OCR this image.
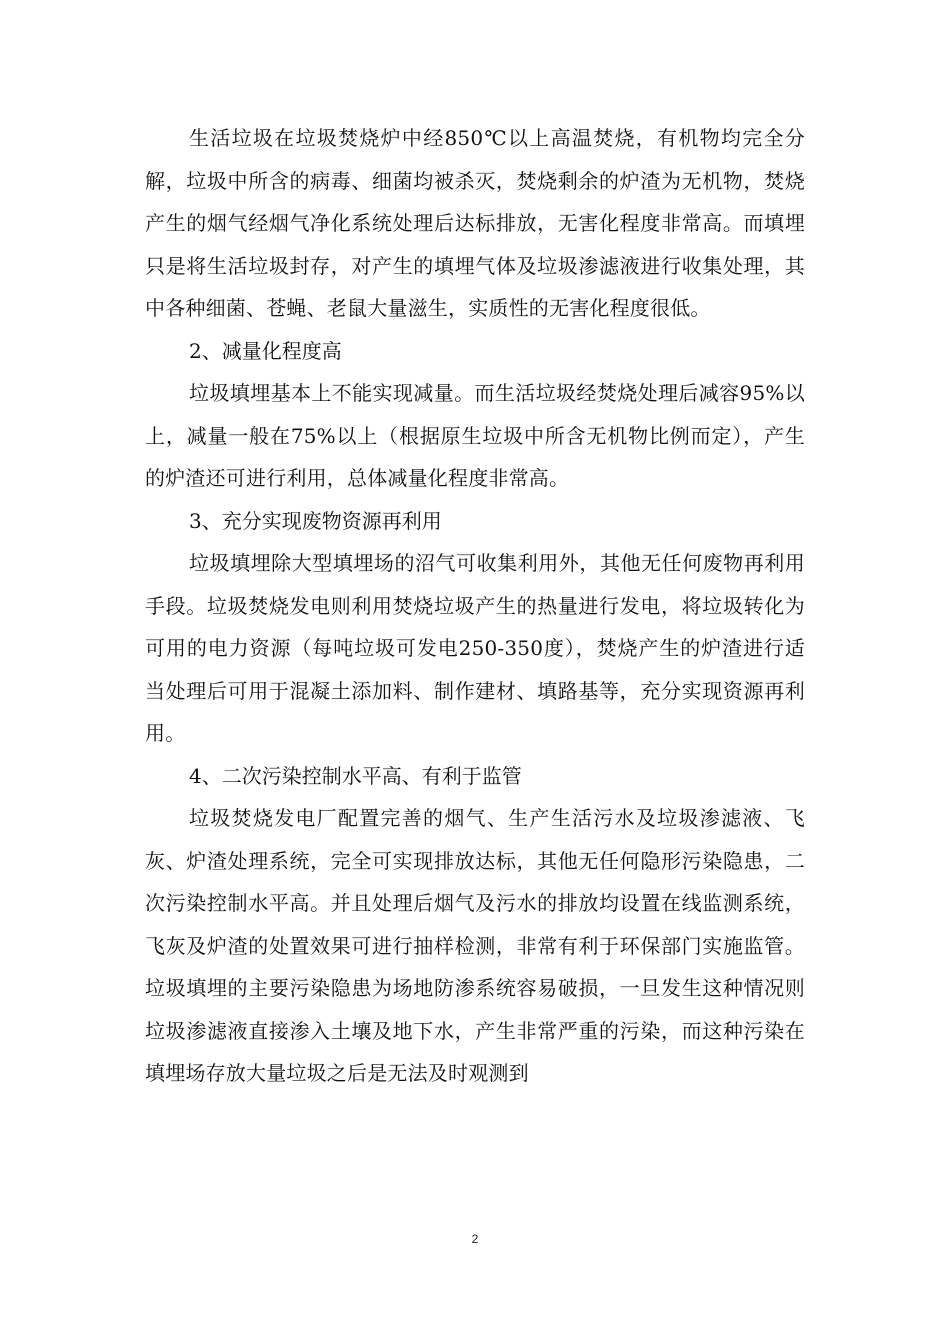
生活垃圾在垃圾焚烧炉中经850℃以上高温焚烧，有机物均完全分解，垃圾中所含的病毒、细菌均被杀灭，焚烧剩余的炉渣为无机物，焚烧产生的烟气经烟气净化系统处理后达标排放，无害化程度非常高。而填埋只是将生活垃圾封存，对产生的填埋气体及垃圾渗滤液进行收集处理，其中各种细菌、苍蝇、老鼠大量滋生，实质性的无害化程度很低。

2、减量化程度高

垃圾填埋基本上不能实现减量。而生活垃圾经焚烧处理后减容95%以上，减量一般在75%以上（根据原生垃圾中所含无机物比例而定），产生的炉渣还可进行利用，总体减量化程度非常高。

3、充分实现废物资源再利用

垃圾填埋除大型填埋场的沼气可收集利用外，其他无任何废物再利用手段。垃圾焚烧发电则利用焚烧垃圾产生的热量进行发电，将垃圾转化为可用的电力资源（每吨垃圾可发电250-350度），焚烧产生的炉渣进行适当处理后可用于混凝土添加料、制作建材、填路基等，充分实现资源再利用。

4、二次污染控制水平高、有利于监管

垃圾焚烧发电厂配置完善的烟气、生产生活污水及垃圾渗滤液、飞灰、炉渣处理系统，完全可实现排放达标，其他无任何隐形污染隐患，二次污染控制水平高。并且处理后烟气及污水的排放均设置在线监测系统，飞灰及炉渣的处置效果可进行抽样检测，非常有利于环保部门实施监管。垃圾填埋的主要污染隐患为场地防渗系统容易破损，一旦发生这种情况则垃圾渗滤液直接渗入土壤及地下水，产生非常严重的污染，而这种污染在填埋场存放大量垃圾之后是无法及时观测到

2
